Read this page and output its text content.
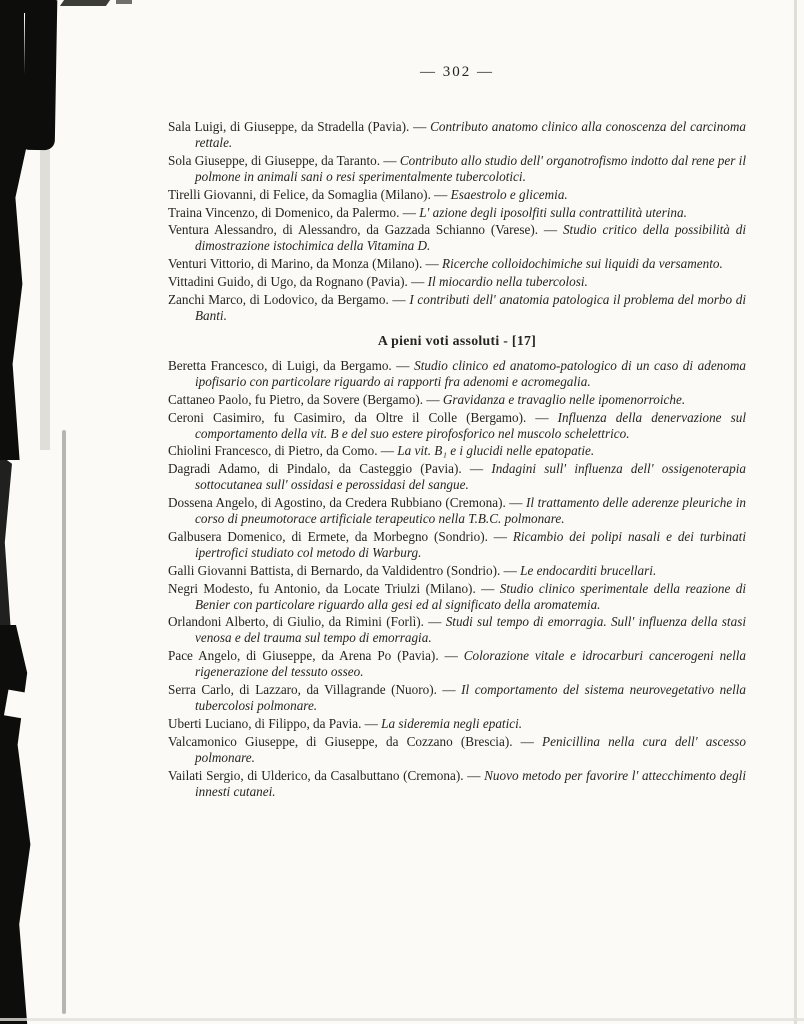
— 302 —

Sala Luigi, di Giuseppe, da Stradella (Pavia). — Contributo anatomo clinico alla conoscenza del carcinoma rettale.

Sola Giuseppe, di Giuseppe, da Taranto. — Contributo allo studio dell' organotrofismo indotto dal rene per il polmone in animali sani o resi sperimentalmente tubercolotici.

Tirelli Giovanni, di Felice, da Somaglia (Milano). — Esaestrolo e glicemia.

Traina Vincenzo, di Domenico, da Palermo. — L' azione degli iposolfiti sulla contrattilità uterina.

Ventura Alessandro, di Alessandro, da Gazzada Schianno (Varese). — Studio critico della possibilità di dimostrazione istochimica della Vitamina D.

Venturi Vittorio, di Marino, da Monza (Milano). — Ricerche colloidochimiche sui liquidi da versamento.

Vittadini Guido, di Ugo, da Rognano (Pavia). — Il miocardio nella tubercolosi.

Zanchi Marco, di Lodovico, da Bergamo. — I contributi dell' anatomia patologica il problema del morbo di Banti.

A pieni voti assoluti - [17]

Beretta Francesco, di Luigi, da Bergamo. — Studio clinico ed anatomo-patologico di un caso di adenoma ipofisario con particolare riguardo ai rapporti fra adenomi e acromegalia.

Cattaneo Paolo, fu Pietro, da Sovere (Bergamo). — Gravidanza e travaglio nelle ipomenorroiche.

Ceroni Casimiro, fu Casimiro, da Oltre il Colle (Bergamo). — Influenza della denervazione sul comportamento della vit. B e del suo estere pirofosforico nel muscolo schelettrico.

Chiolini Francesco, di Pietro, da Como. — La vit. B₁ e i glucidi nelle epatopatie.

Dagradi Adamo, di Pindalo, da Casteggio (Pavia). — Indagini sull' influenza dell' ossigenoterapia sottocutanea sull' ossidasi e perossidasi del sangue.

Dossena Angelo, di Agostino, da Credera Rubbiano (Cremona). — Il trattamento delle aderenze pleuriche in corso di pneumotorace artificiale terapeutico nella T.B.C. polmonare.

Galbusera Domenico, di Ermete, da Morbegno (Sondrio). — Ricambio dei polipi nasali e dei turbinati ipertrofici studiato col metodo di Warburg.

Galli Giovanni Battista, di Bernardo, da Valdidentro (Sondrio). — Le endocarditi brucellari.

Negri Modesto, fu Antonio, da Locate Triulzi (Milano). — Studio clinico sperimentale della reazione di Benier con particolare riguardo alla gesi ed al significato della aromatemia.

Orlandoni Alberto, di Giulio, da Rimini (Forlì). — Studi sul tempo di emorragia. Sull' influenza della stasi venosa e del trauma sul tempo di emorragia.

Pace Angelo, di Giuseppe, da Arena Po (Pavia). — Colorazione vitale e idrocarburi cancerogeni nella rigenerazione del tessuto osseo.

Serra Carlo, di Lazzaro, da Villagrande (Nuoro). — Il comportamento del sistema neurovegetativo nella tubercolosi polmonare.

Uberti Luciano, di Filippo, da Pavia. — La sideremia negli epatici.

Valcamonico Giuseppe, di Giuseppe, da Cozzano (Brescia). — Penicillina nella cura dell' ascesso polmonare.

Vailati Sergio, di Ulderico, da Casalbuttano (Cremona). — Nuovo metodo per favorire l' attecchimento degli innesti cutanei.
